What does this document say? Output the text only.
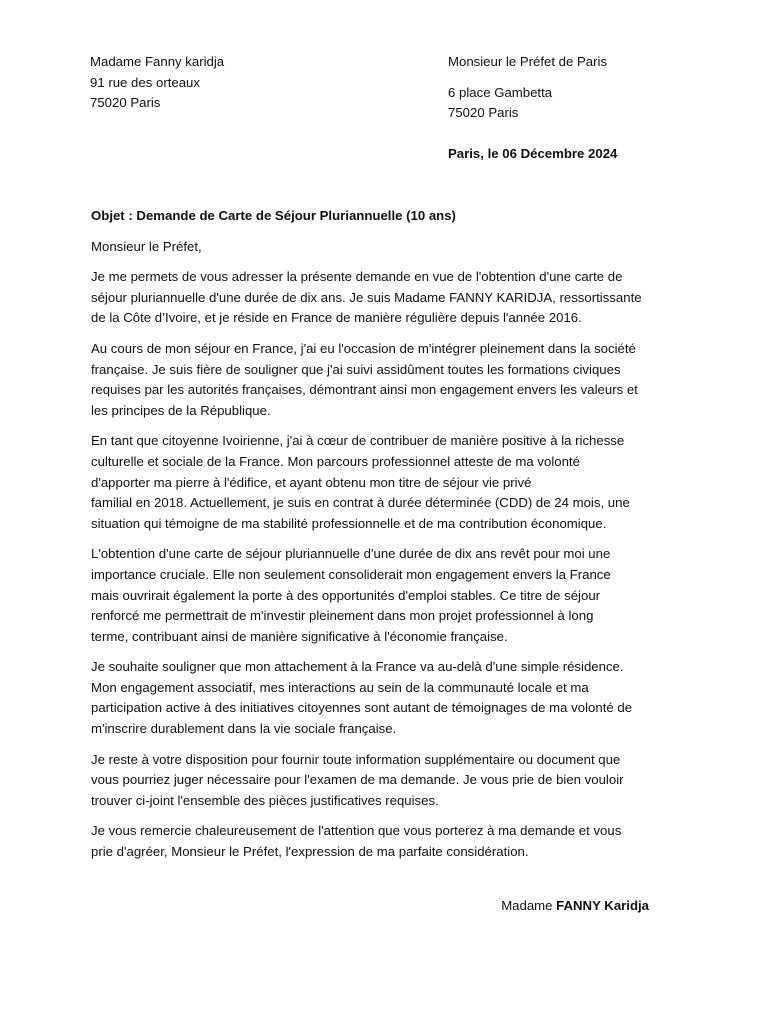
Madame Fanny karidja
91 rue des orteaux
75020 Paris
Monsieur le Préfet de Paris
6 place Gambetta
75020 Paris
Paris, le 06 Décembre 2024

Objet : Demande de Carte de Séjour Pluriannuelle (10 ans)

Monsieur le Préfet,

Je me permets de vous adresser la présente demande en vue de l'obtention d'une carte de
séjour pluriannuelle d'une durée de dix ans. Je suis Madame FANNY KARIDJA, ressortissante
de la Côte d’Ivoire, et je réside en France de manière régulière depuis l'année 2016.

Au cours de mon séjour en France, j'ai eu l'occasion de m'intégrer pleinement dans la société
française. Je suis fière de souligner que j'ai suivi assidûment toutes les formations civiques
requises par les autorités françaises, démontrant ainsi mon engagement envers les valeurs et
les principes de la République.

En tant que citoyenne Ivoirienne, j'ai à cœur de contribuer de manière positive à la richesse
culturelle et sociale de la France. Mon parcours professionnel atteste de ma volonté
d'apporter ma pierre à l'édifice, et ayant obtenu mon titre de séjour vie privé
familial en 2018. Actuellement, je suis en contrat à durée déterminée (CDD) de 24 mois, une
situation qui témoigne de ma stabilité professionnelle et de ma contribution économique.

L'obtention d'une carte de séjour pluriannuelle d'une durée de dix ans revêt pour moi une
importance cruciale. Elle non seulement consoliderait mon engagement envers la France
mais ouvrirait également la porte à des opportunités d'emploi stables. Ce titre de séjour
renforcé me permettrait de m'investir pleinement dans mon projet professionnel à long
terme, contribuant ainsi de manière significative à l'économie française.

Je souhaite souligner que mon attachement à la France va au-delà d'une simple résidence.
Mon engagement associatif, mes interactions au sein de la communauté locale et ma
participation active à des initiatives citoyennes sont autant de témoignages de ma volonté de
m'inscrire durablement dans la vie sociale française.

Je reste à votre disposition pour fournir toute information supplémentaire ou document que
vous pourriez juger nécessaire pour l'examen de ma demande. Je vous prie de bien vouloir
trouver ci-joint l'ensemble des pièces justificatives requises.

Je vous remercie chaleureusement de l'attention que vous porterez à ma demande et vous
prie d'agréer, Monsieur le Préfet, l'expression de ma parfaite considération.

Madame FANNY Karidja
